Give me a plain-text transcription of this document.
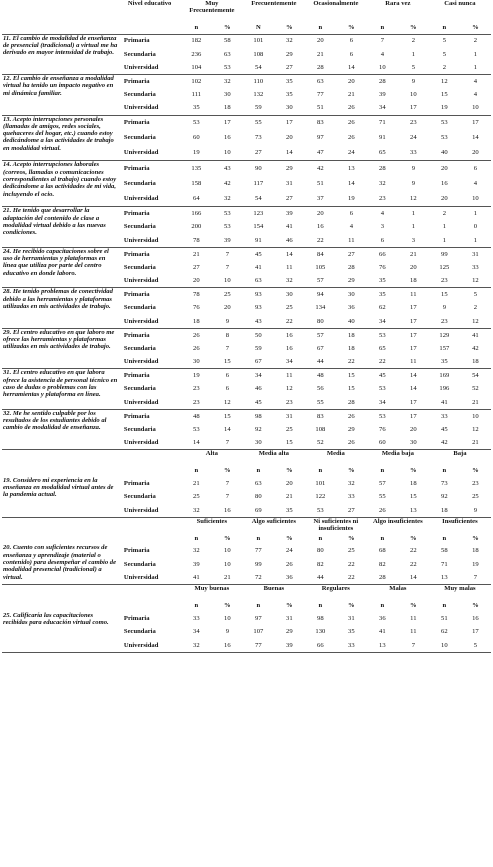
	Nivel educativo	Muy Frecuentemente		Frecuentemente		Ocasionalmente		Rara vez		Casi nunca	
		n	%	N	%	n	%	n	%	n	%
11. El cambio de modalidad de enseñanza de presencial (tradicional) a virtual me ha derivado en mayor intensidad de trabajo.	Primaria	182	58	101	32	20	6	7	2	5	2
	Secundaria	236	63	108	29	21	6	4	1	5	1
	Universidad	104	53	54	27	28	14	10	5	2	1
12. El cambio de enseñanza a modalidad virtual ha tenido un impacto negativo en mi dinámica familiar.	Primaria	102	32	110	35	63	20	28	9	12	4
	Secundaria	111	30	132	35	77	21	39	10	15	4
	Universidad	35	18	59	30	51	26	34	17	19	10
13. Acepto interrupciones personales (llamadas de amigos, redes sociales, quehaceres del hogar, etc.) cuando estoy dedicándome a las actividades de trabajo en modalidad virtual.	Primaria	53	17	55	17	83	26	71	23	53	17
	Secundaria	60	16	73	20	97	26	91	24	53	14
	Universidad	19	10	27	14	47	24	65	33	40	20
14. Acepto interrupciones laborales (correos, llamadas o comunicaciones correspondientes al trabajo) cuando estoy dedicándome a las actividades de mi vida, incluyendo el ocio.	Primaria	135	43	90	29	42	13	28	9	20	6
	Secundaria	158	42	117	31	51	14	32	9	16	4
	Universidad	64	32	54	27	37	19	23	12	20	10
21. He tenido que desarrollar la adaptación del contenido de clase a modalidad virtual debido a las nuevas condiciones.	Primaria	166	53	123	39	20	6	4	1	2	1
	Secundaria	200	53	154	41	16	4	3	1	1	0
	Universidad	78	39	91	46	22	11	6	3	1	1
24. He recibido capacitaciones sobre el uso de herramientas y plataformas en línea que utiliza por parte del centro educativo en donde laboro.	Primaria	21	7	45	14	84	27	66	21	99	31
	Secundaria	27	7	41	11	105	28	76	20	125	33
	Universidad	20	10	63	32	57	29	35	18	23	12
28. He tenido problemas de conectividad debido a las herramientas y plataformas utilizadas en mis actividades de trabajo.	Primaria	78	25	93	30	94	30	35	11	15	5
	Secundaria	76	20	93	25	134	36	62	17	9	2
	Universidad	18	9	43	22	80	40	34	17	23	12
29. El centro educativo en que laboro me ofrece las herramientas y plataformas utilizadas en mis actividades de trabajo.	Primaria	26	8	50	16	57	18	53	17	129	41
	Secundaria	26	7	59	16	67	18	65	17	157	42
	Universidad	30	15	67	34	44	22	22	11	35	18
31. El centro educativo en que labora ofrece la asistencia de personal técnico en caso de dudas o problemas con las herramientas y plataforma en línea.	Primaria	19	6	34	11	48	15	45	14	169	54
	Secundaria	23	6	46	12	56	15	53	14	196	52
	Universidad	23	12	45	23	55	28	34	17	41	21
32. Me he sentido culpable por los resultados de los estudiantes debido al cambio de modalidad de enseñanza.	Primaria	48	15	98	31	83	26	53	17	33	10
	Secundaria	53	14	92	25	108	29	76	20	45	12
	Universidad	14	7	30	15	52	26	60	30	42	21
		Alta		Media alta		Media		Media baja		Baja	
		n	%	n	%	n	%	n	%	n	%
19. Considero mi experiencia en la enseñanza en modalidad virtual antes de la pandemia actual.	Primaria	21	7	63	20	101	32	57	18	73	23
	Secundaria	25	7	80	21	122	33	55	15	92	25
	Universidad	32	16	69	35	53	27	26	13	18	9
		Suficientes		Algo suficientes		Ni suficientes ni insuficientes		Algo insuficientes		Insuficientes	
		n	%	n	%	n	%	n	%	n	%
20. Cuento con suficientes recursos de enseñanza y aprendizaje (material o contenido) para desempeñar el cambio de modalidad presencial (tradicional) a virtual.	Primaria	32	10	77	24	80	25	68	22	58	18
	Secundaria	39	10	99	26	82	22	82	22	71	19
	Universidad	41	21	72	36	44	22	28	14	13	7
		Muy buenas		Buenas		Regulares		Malas		Muy malas	
		n	%	n	%	n	%	n	%	n	%
25. Calificaría las capacitaciones recibidas para educación virtual como.	Primaria	33	10	97	31	98	31	36	11	51	16
	Secundaria	34	9	107	29	130	35	41	11	62	17
	Universidad	32	16	77	39	66	33	13	7	10	5
